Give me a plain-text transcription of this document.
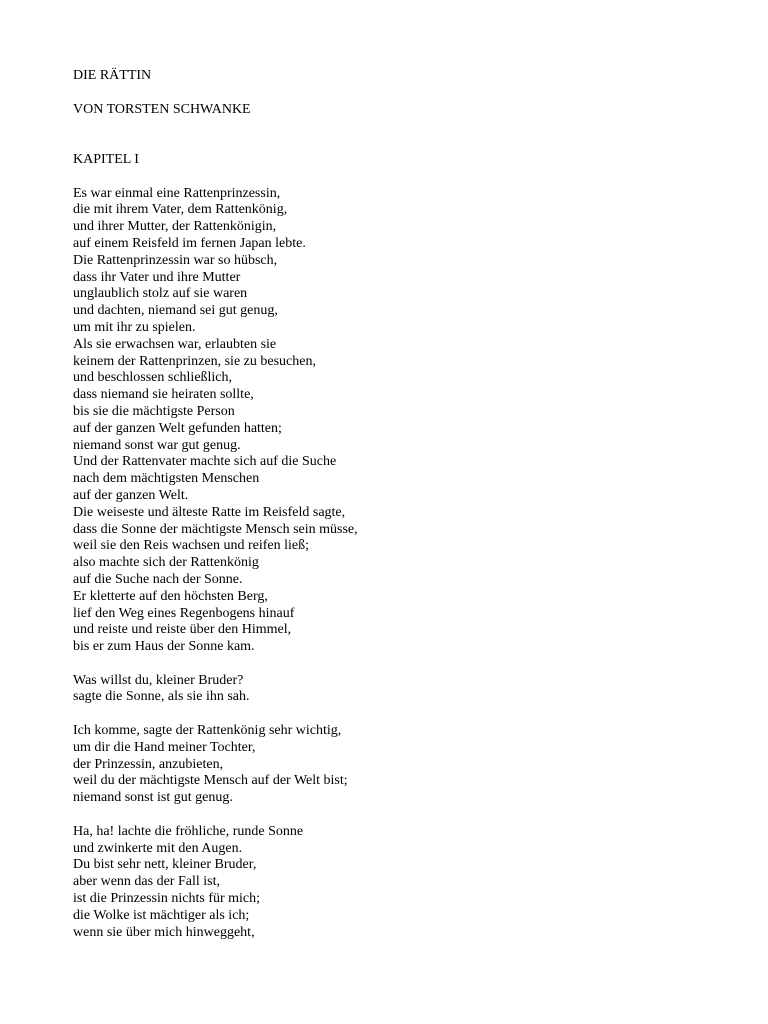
DIE RÄTTIN
VON TORSTEN SCHWANKE
KAPITEL I
Es war einmal eine Rattenprinzessin,
die mit ihrem Vater, dem Rattenkönig,
und ihrer Mutter, der Rattenkönigin,
auf einem Reisfeld im fernen Japan lebte.
Die Rattenprinzessin war so hübsch,
dass ihr Vater und ihre Mutter
unglaublich stolz auf sie waren
und dachten, niemand sei gut genug,
um mit ihr zu spielen.
Als sie erwachsen war, erlaubten sie
keinem der Rattenprinzen, sie zu besuchen,
und beschlossen schließlich,
dass niemand sie heiraten sollte,
bis sie die mächtigste Person
auf der ganzen Welt gefunden hatten;
niemand sonst war gut genug.
Und der Rattenvater machte sich auf die Suche
nach dem mächtigsten Menschen
auf der ganzen Welt.
Die weiseste und älteste Ratte im Reisfeld sagte,
dass die Sonne der mächtigste Mensch sein müsse,
weil sie den Reis wachsen und reifen ließ;
also machte sich der Rattenkönig
auf die Suche nach der Sonne.
Er kletterte auf den höchsten Berg,
lief den Weg eines Regenbogens hinauf
und reiste und reiste über den Himmel,
bis er zum Haus der Sonne kam.
Was willst du, kleiner Bruder?
sagte die Sonne, als sie ihn sah.
Ich komme, sagte der Rattenkönig sehr wichtig,
um dir die Hand meiner Tochter,
der Prinzessin, anzubieten,
weil du der mächtigste Mensch auf der Welt bist;
niemand sonst ist gut genug.
Ha, ha! lachte die fröhliche, runde Sonne
und zwinkerte mit den Augen.
Du bist sehr nett, kleiner Bruder,
aber wenn das der Fall ist,
ist die Prinzessin nichts für mich;
die Wolke ist mächtiger als ich;
wenn sie über mich hinweggeht,
